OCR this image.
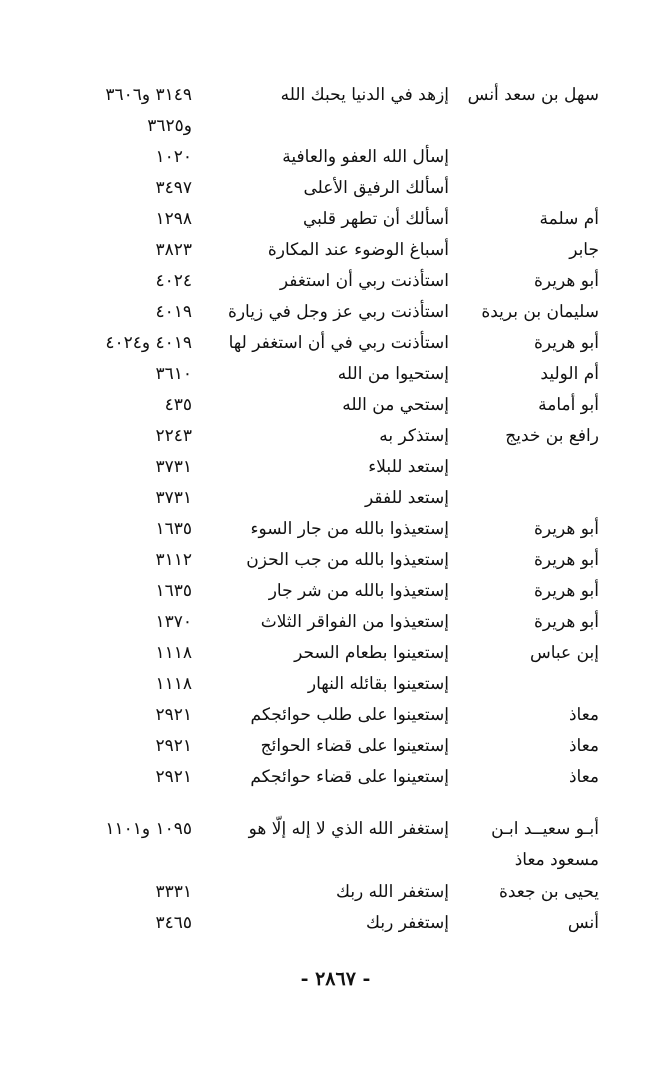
سهل بن سعد أنس
إزهد في الدنيا يحبك الله
٣١٤٩ و٣٦٠٦
و٣٦٢٥
إسأل الله العفو والعافية
١٠٢٠
أسألك الرفيق الأعلى
٣٤٩٧
أم سلمة
أسألك أن تطهر قلبي
١٢٩٨
جابر
أسباغ الوضوء عند المكارة
٣٨٢٣
أبو هريرة
استأذنت ربي أن استغفر
٤٠٢٤
سليمان بن بريدة
استأذنت ربي عز وجل في زيارة
٤٠١٩
أبو هريرة
استأذنت ربي في أن استغفر لها
٤٠١٩ و٤٠٢٤
أم الوليد
إستحيوا من الله
٣٦١٠
أبو أمامة
إستحي من الله
٤٣٥
رافع بن خديج
إستذكر به
٢٢٤٣
إستعد للبلاء
٣٧٣١
إستعد للفقر
٣٧٣١
أبو هريرة
إستعيذوا بالله من جار السوء
١٦٣٥
أبو هريرة
إستعيذوا بالله من جب الحزن
٣١١٢
أبو هريرة
إستعيذوا بالله من شر جار
١٦٣٥
أبو هريرة
إستعيذوا من الفواقر الثلاث
١٣٧٠
إبن عباس
إستعينوا بطعام السحر
١١١٨
إستعينوا بقائله النهار
١١١٨
معاذ
إستعينوا على طلب حوائجكم
٢٩٢١
معاذ
إستعينوا على قضاء الحوائج
٢٩٢١
معاذ
إستعينوا على قضاء حوائجكم
٢٩٢١
أبـو سعيــد ابـن
إستغفر الله الذي لا إله إلّا هو
١٠٩٥ و١١٠١
مسعود معاذ
يحيى بن جعدة
إستغفر الله ربك
٣٣٣١
أنس
إستغفر ربك
٣٤٦٥
- ٢٨٦٧ -
